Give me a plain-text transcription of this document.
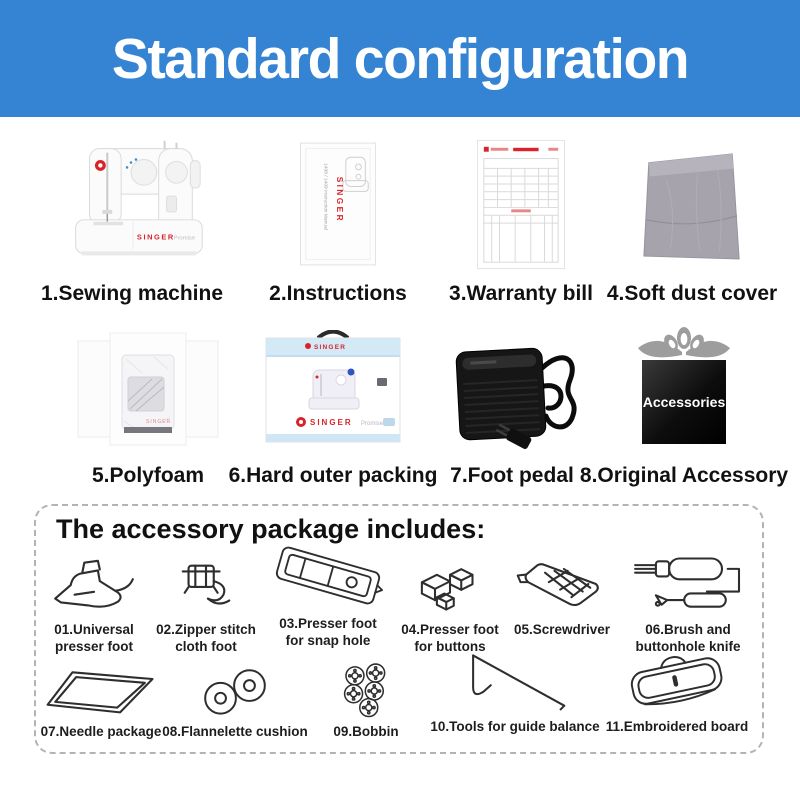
Standard configuration
SINGER
Promise
1.Sewing machine
1408 / 1409 Instruction Manual SINGER
2.Instructions 3.Warranty bill 4.Soft dust cover
SINGER
5.Polyfoam
SINGER
SINGER Promise
6.Hard outer packing 7.Foot pedal
Accessories
8.Original Accessory
The accessory package includes:
01.Universal
presser foot
02.Zipper stitch
cloth foot
03.Presser foot
for snap hole
04.Presser foot
for buttons
05.Screwdriver	06.Brush and
buttonhole knife
07.Needle package 08.Flannelette cushion 09.Bobbin 10.Tools for guide balance 11.Embroidered board
